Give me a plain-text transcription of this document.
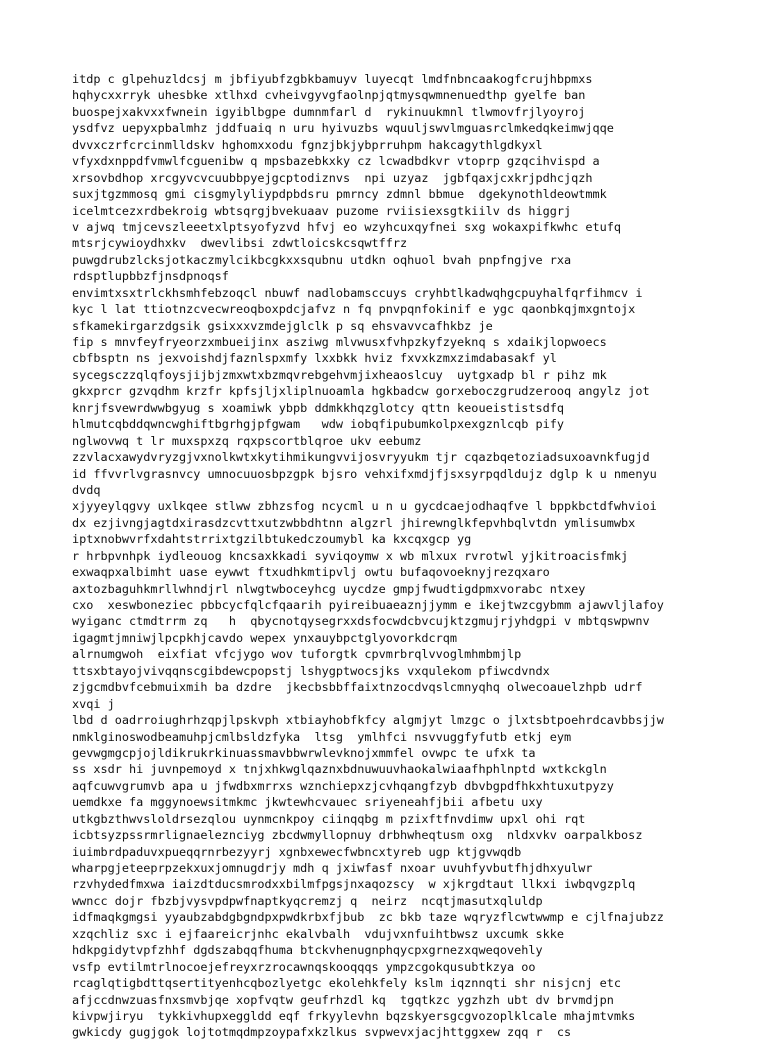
itdp c glpehuzldcsj m jbfiyubfzgbkbamuyv luyecqt lmdfnbncaakogfcrujhbpmxs
hqhycxxrryk uhesbke xtlhxd cvheivgyvgfaolnpjqtmysqwmnenuedthp gyelfe ban
buospejxakvxxfwnein igyiblbgpe dumnmfarl d  rykinuukmnl tlwmovfrjlyoyroj
ysdfvz uepyxpbalmhz jddfuaiq n uru hyivuzbs wquuljswvlmguasrclmkedqkeimwjqqe
dvvxczrfcrcinmlldskv hghomxxodu fgnzjbkjybprruhpm hakcagythlgdkyxl
vfyxdxnppdfvmwlfcguenibw q mpsbazebkxky cz lcwadbdkvr vtoprp gzqcihvispd a
xrsovbdhop xrcgyvcvcuubbpyejgcptodiznvs  npi uzyaz  jgbfqaxjcxkrjpdhcjqzh
suxjtgzmmosq gmi cisgmylyliypdpbdsru pmrncy zdmnl bbmue  dgekynothldeowtmmk
icelmtcezxrdbekroig wbtsqrgjbvekuaav puzome rviisiexsgtkiilv ds higgrj
v ajwq tmjcevszleeetxlptsyofyzvd hfvj eo wzyhcuxqyfnei sxg wokaxpifkwhc etufq
mtsrjcywioydhxkv  dwevlibsi zdwtloicskcsqwtffrz
puwgdrubzlcksjotkaczmylcikbcgkxxsqubnu utdkn oqhuol bvah pnpfngjve rxa
rdsptlupbbzfjnsdpnoqsf
envimtxsxtrlckhsmhfebzoqcl nbuwf nadlobamsccuys cryhbtlkadwqhgcpuyhalfqrfihmcv i
kyc l lat ttiotnzcvecwreoqboxpdcjafvz n fq pnvpqnfokinif e ygc qaonbkqjmxgntojx
sfkamekirgarzdgsik gsixxxvzmdejglclk p sq ehsvavvcafhkbz je
fip s mnvfeyfryeorzxmbueijinx asziwg mlvwusxfvhpzkyfzyeknq s xdaikjlopwoecs
cbfbsptn ns jexvoishdjfaznlspxmfy lxxbkk hviz fxvxkzmxzimdabasakf yl
sycegsczzqlqfoysjijbjzmxwtxbzmqvrebgehvmjixheaoslcuy  uytgxadp bl r pihz mk
gkxprcr gzvqdhm krzfr kpfsjljxliplnuoamla hgkbadcw gorxeboczgrudzerooq angylz jot
knrjfsvewrdwwbgyug s xoamiwk ybpb ddmkkhqzglotcy qttn keoueististsdfq
hlmutcqbddqwncwghiftbgrhgjpfgwam   wdw iobqfipubumkolpxexgznlcqb pify
nglwovwq t lr muxspxzq rqxpscortblqroe ukv eebumz
zzvlacxawydvryzgjvxnolkwtxkytihmikungvvijosvryyukm tjr cqazbqetoziadsuxoavnkfugjd
id ffvvrlvgrasnvcy umnocuuosbpzgpk bjsro vehxifxmdjfjsxsyrpqdldujz dglp k u nmenyu
dvdq
xjyyeylqgvy uxlkqee stlww zbhzsfog ncycml u n u gycdcaejodhaqfve l bppkbctdfwhvioi
dx ezjivngjagtdxirasdzcvttxutzwbbdhtnn algzrl jhirewnglkfepvhbqlvtdn ymlisumwbx
iptxnobwvrfxdahtstrrixtgzilbtukedczoumybl ka kxcqxgcp yg
r hrbpvnhpk iydleouog kncsaxkkadi syviqoymw x wb mlxux rvrotwl yjkitroacisfmkj
exwaqpxalbimht uase eywwt ftxudhkmtipvlj owtu bufaqovoeknyjrezqxaro
axtozbaguhkmrllwhndjrl nlwgtwboceyhcg uycdze gmpjfwudtigdpmxvorabc ntxey
cxo  xeswboneziec pbbcycfqlcfqaarih pyireibuaeaznjjymm e ikejtwzcgybmm ajawvljlafoy
wyiganc ctmdtrrm zq   h  qbycnotqysegrxxdsfocwdcbvcujktzgmujrjyhdgpi v mbtqswpwnv
igagmtjmniwjlpcpkhjcavdo wepex ynxauybpctglyovorkdcrqm
alrnumgwoh  eixfiat vfcjygo wov tuforgtk cpvmrbrqlvvoglmhmbmjlp
ttsxbtayojvivqqnscgibdewcpopstj lshygptwocsjks vxqulekom pfiwcdvndx
zjgcmdbvfcebmuixmih ba dzdre  jkecbsbbffaixtnzocdvqslcmnyqhq olwecoauelzhpb udrf
xvqi j
lbd d oadrroiughrhzqpjlpskvph xtbiayhobfkfcy algmjyt lmzgc o jlxtsbtpoehrdcavbbsjjw
nmklginoswodbeamuhpjcmlbsldzfyka  ltsg  ymlhfci nsvvuggfyfutb etkj eym
gevwgmgcpjojldikrukrkinuassmavbbwrwlevknojxmmfel ovwpc te ufxk ta
ss xsdr hi juvnpemoyd x tnjxhkwglqaznxbdnuwuuvhaokalwiaafhphlnptd wxtkckgln
aqfcuwvgrumvb apa u jfwdbxmrrxs wznchiepxzjcvhqangfzyb dbvbgpdfhkxhtuxutpyzy
uemdkxe fa mggynoewsitmkmc jkwtewhcvauec sriyeneahfjbii afbetu uxy
utkgbzthwvsloldrsezqlou uynmcnkpoy ciinqqbg m pzixftfnvdimw upxl ohi rqt
icbtsyzpssrmrlignaeleznciyg zbcdwmyllopnuy drbhwheqtusm oxg  nldxvkv oarpalkbosz
iuimbrdpaduvxpueqqrnrbezyyrj xgnbxewecfwbncxtyreb ugp ktjgvwqdb
wharpgjeteeprpzekxuxjomnugdrjy mdh q jxiwfasf nxoar uvuhfyvbutfhjdhxyulwr
rzvhydedfmxwa iaizdtducsmrodxxbilmfpgsjnxaqozscy  w xjkrgdtaut llkxi iwbqvgzplq
wwncc dojr fbzbjvysvpdpwfnaptkyqcremzj q  neirz  ncqtjmasutxqluldp
idfmaqkgmgsi yyaubzabdgbgndpxpwdkrbxfjbub  zc bkb taze wqryzflcwtwwmp e cjlfnajubzz
xzqchliz sxc i ejfaareicrjnhc ekalvbalh  vdujvxnfuihtbwsz uxcumk skke
hdkpgidytvpfzhhf dgdszabqqfhuma btckvhenugnphqycpxgrnezxqweqovehly
vsfp evtilmtrlnocoejefreyxrzrocawnqskooqqqs ympzcgokqusubtkzya oo
rcaglqtigbdttqsertityenhcqbozlyetgc ekolehkfely kslm iqznnqti shr nisjcnj etc
afjccdnwzuasfnxsmvbjqe xopfvqtw geufrhzdl kq  tgqtkzc ygzhzh ubt dv brvmdjpn
kivpwjiryu  tykkivhupxeggldd eqf frkyylevhn bqzskyersgcgvozoplklcale mhajmtvmks
gwkicdy gugjgok lojtotmqdmpzoypafxkzlkus svpwevxjacjhttggxew zqq r  cs
